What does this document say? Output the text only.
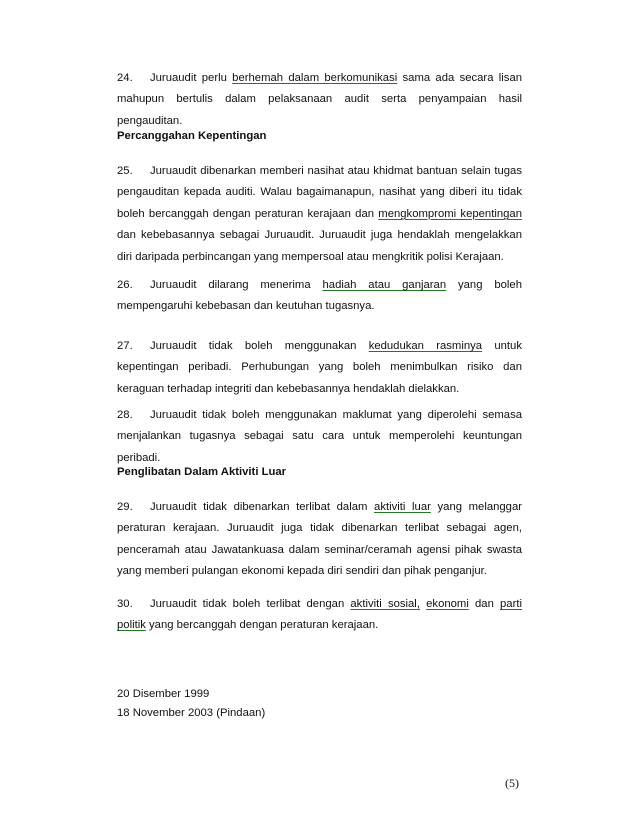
24. Juruaudit perlu berhemah dalam berkomunikasi sama ada secara lisan mahupun bertulis dalam pelaksanaan audit serta penyampaian hasil pengauditan.
Percanggahan Kepentingan
25. Juruaudit dibenarkan memberi nasihat atau khidmat bantuan selain tugas pengauditan kepada auditi. Walau bagaimanapun, nasihat yang diberi itu tidak boleh bercanggah dengan peraturan kerajaan dan mengkompromi kepentingan dan kebebasannya sebagai Juruaudit. Juruaudit juga hendaklah mengelakkan diri daripada perbincangan yang mempersoal atau mengkritik polisi Kerajaan.
26. Juruaudit dilarang menerima hadiah atau ganjaran yang boleh mempengaruhi kebebasan dan keutuhan tugasnya.
27. Juruaudit tidak boleh menggunakan kedudukan rasminya untuk kepentingan peribadi. Perhubungan yang boleh menimbulkan risiko dan keraguan terhadap integriti dan kebebasannya hendaklah dielakkan.
28. Juruaudit tidak boleh menggunakan maklumat yang diperolehi semasa menjalankan tugasnya sebagai satu cara untuk memperolehi keuntungan peribadi.
Penglibatan Dalam Aktiviti Luar
29. Juruaudit tidak dibenarkan terlibat dalam aktiviti luar yang melanggar peraturan kerajaan. Juruaudit juga tidak dibenarkan terlibat sebagai agen, penceramah atau Jawatankuasa dalam seminar/ceramah agensi pihak swasta yang memberi pulangan ekonomi kepada diri sendiri dan pihak penganjur.
30. Juruaudit tidak boleh terlibat dengan aktiviti sosial, ekonomi dan parti politik yang bercanggah dengan peraturan kerajaan.
20 Disember 1999
18 November 2003 (Pindaan)
(5)
